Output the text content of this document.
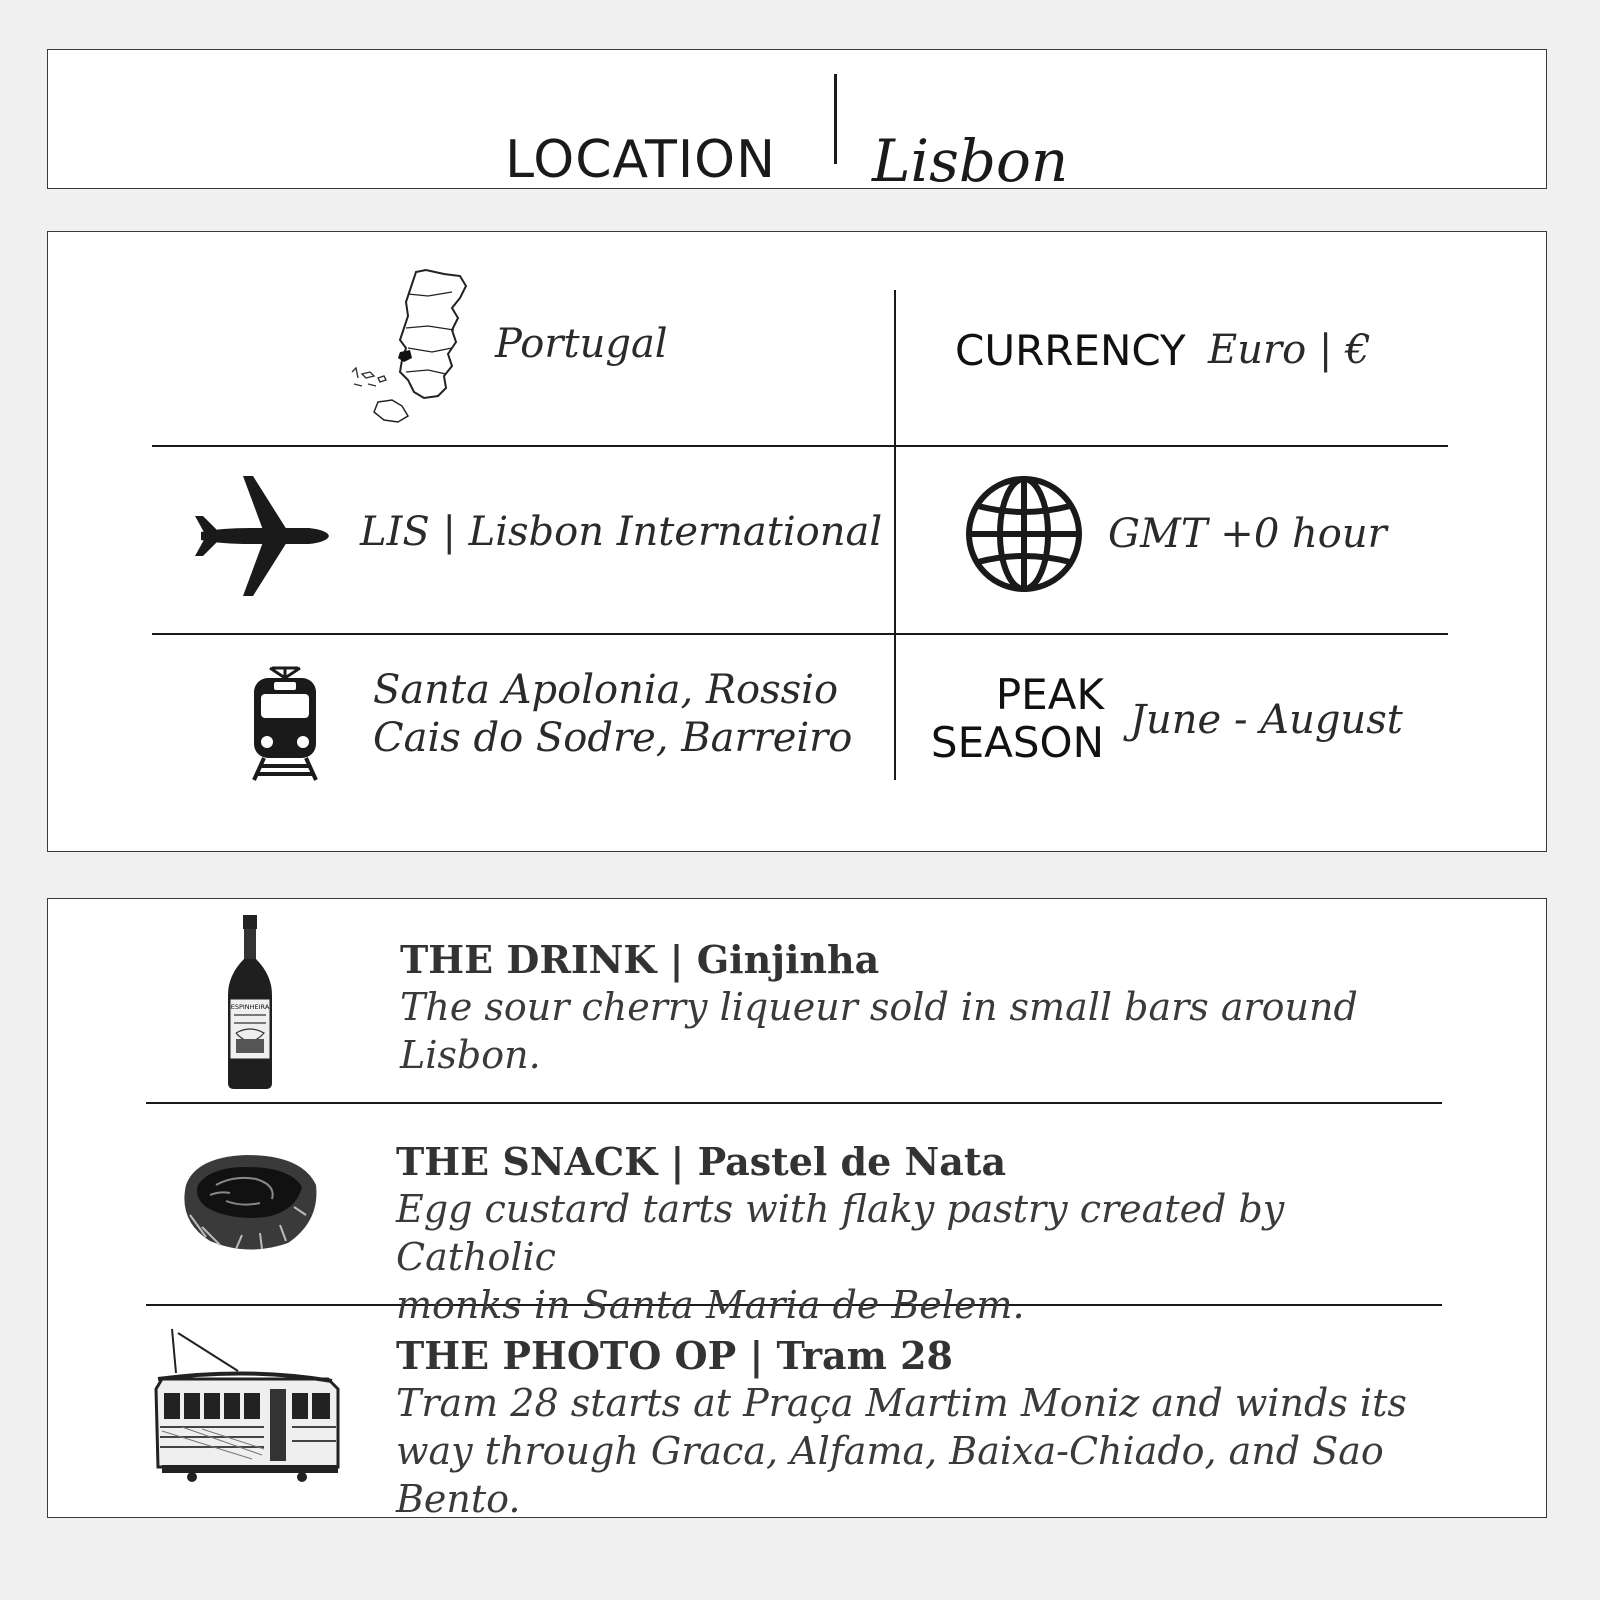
LOCATION Lisbon
Portugal	CURRENCY Euro | €
LIS | Lisbon International	GMT +0 hour
Santa Apolonia, Rossio
Cais do Sodre, Barreiro
PEAK
SEASON June - August
ESPINHEIRA
THE DRINK | Ginjinha
The sour cherry liqueur sold in small bars around
Lisbon.
THE SNACK | Pastel de Nata
Egg custard tarts with flaky pastry created by Catholic
monks in Santa Maria de Belem.
THE PHOTO OP | Tram 28
Tram 28 starts at Praça Martim Moniz and winds its
way through Graca, Alfama, Baixa-Chiado, and Sao Bento.
